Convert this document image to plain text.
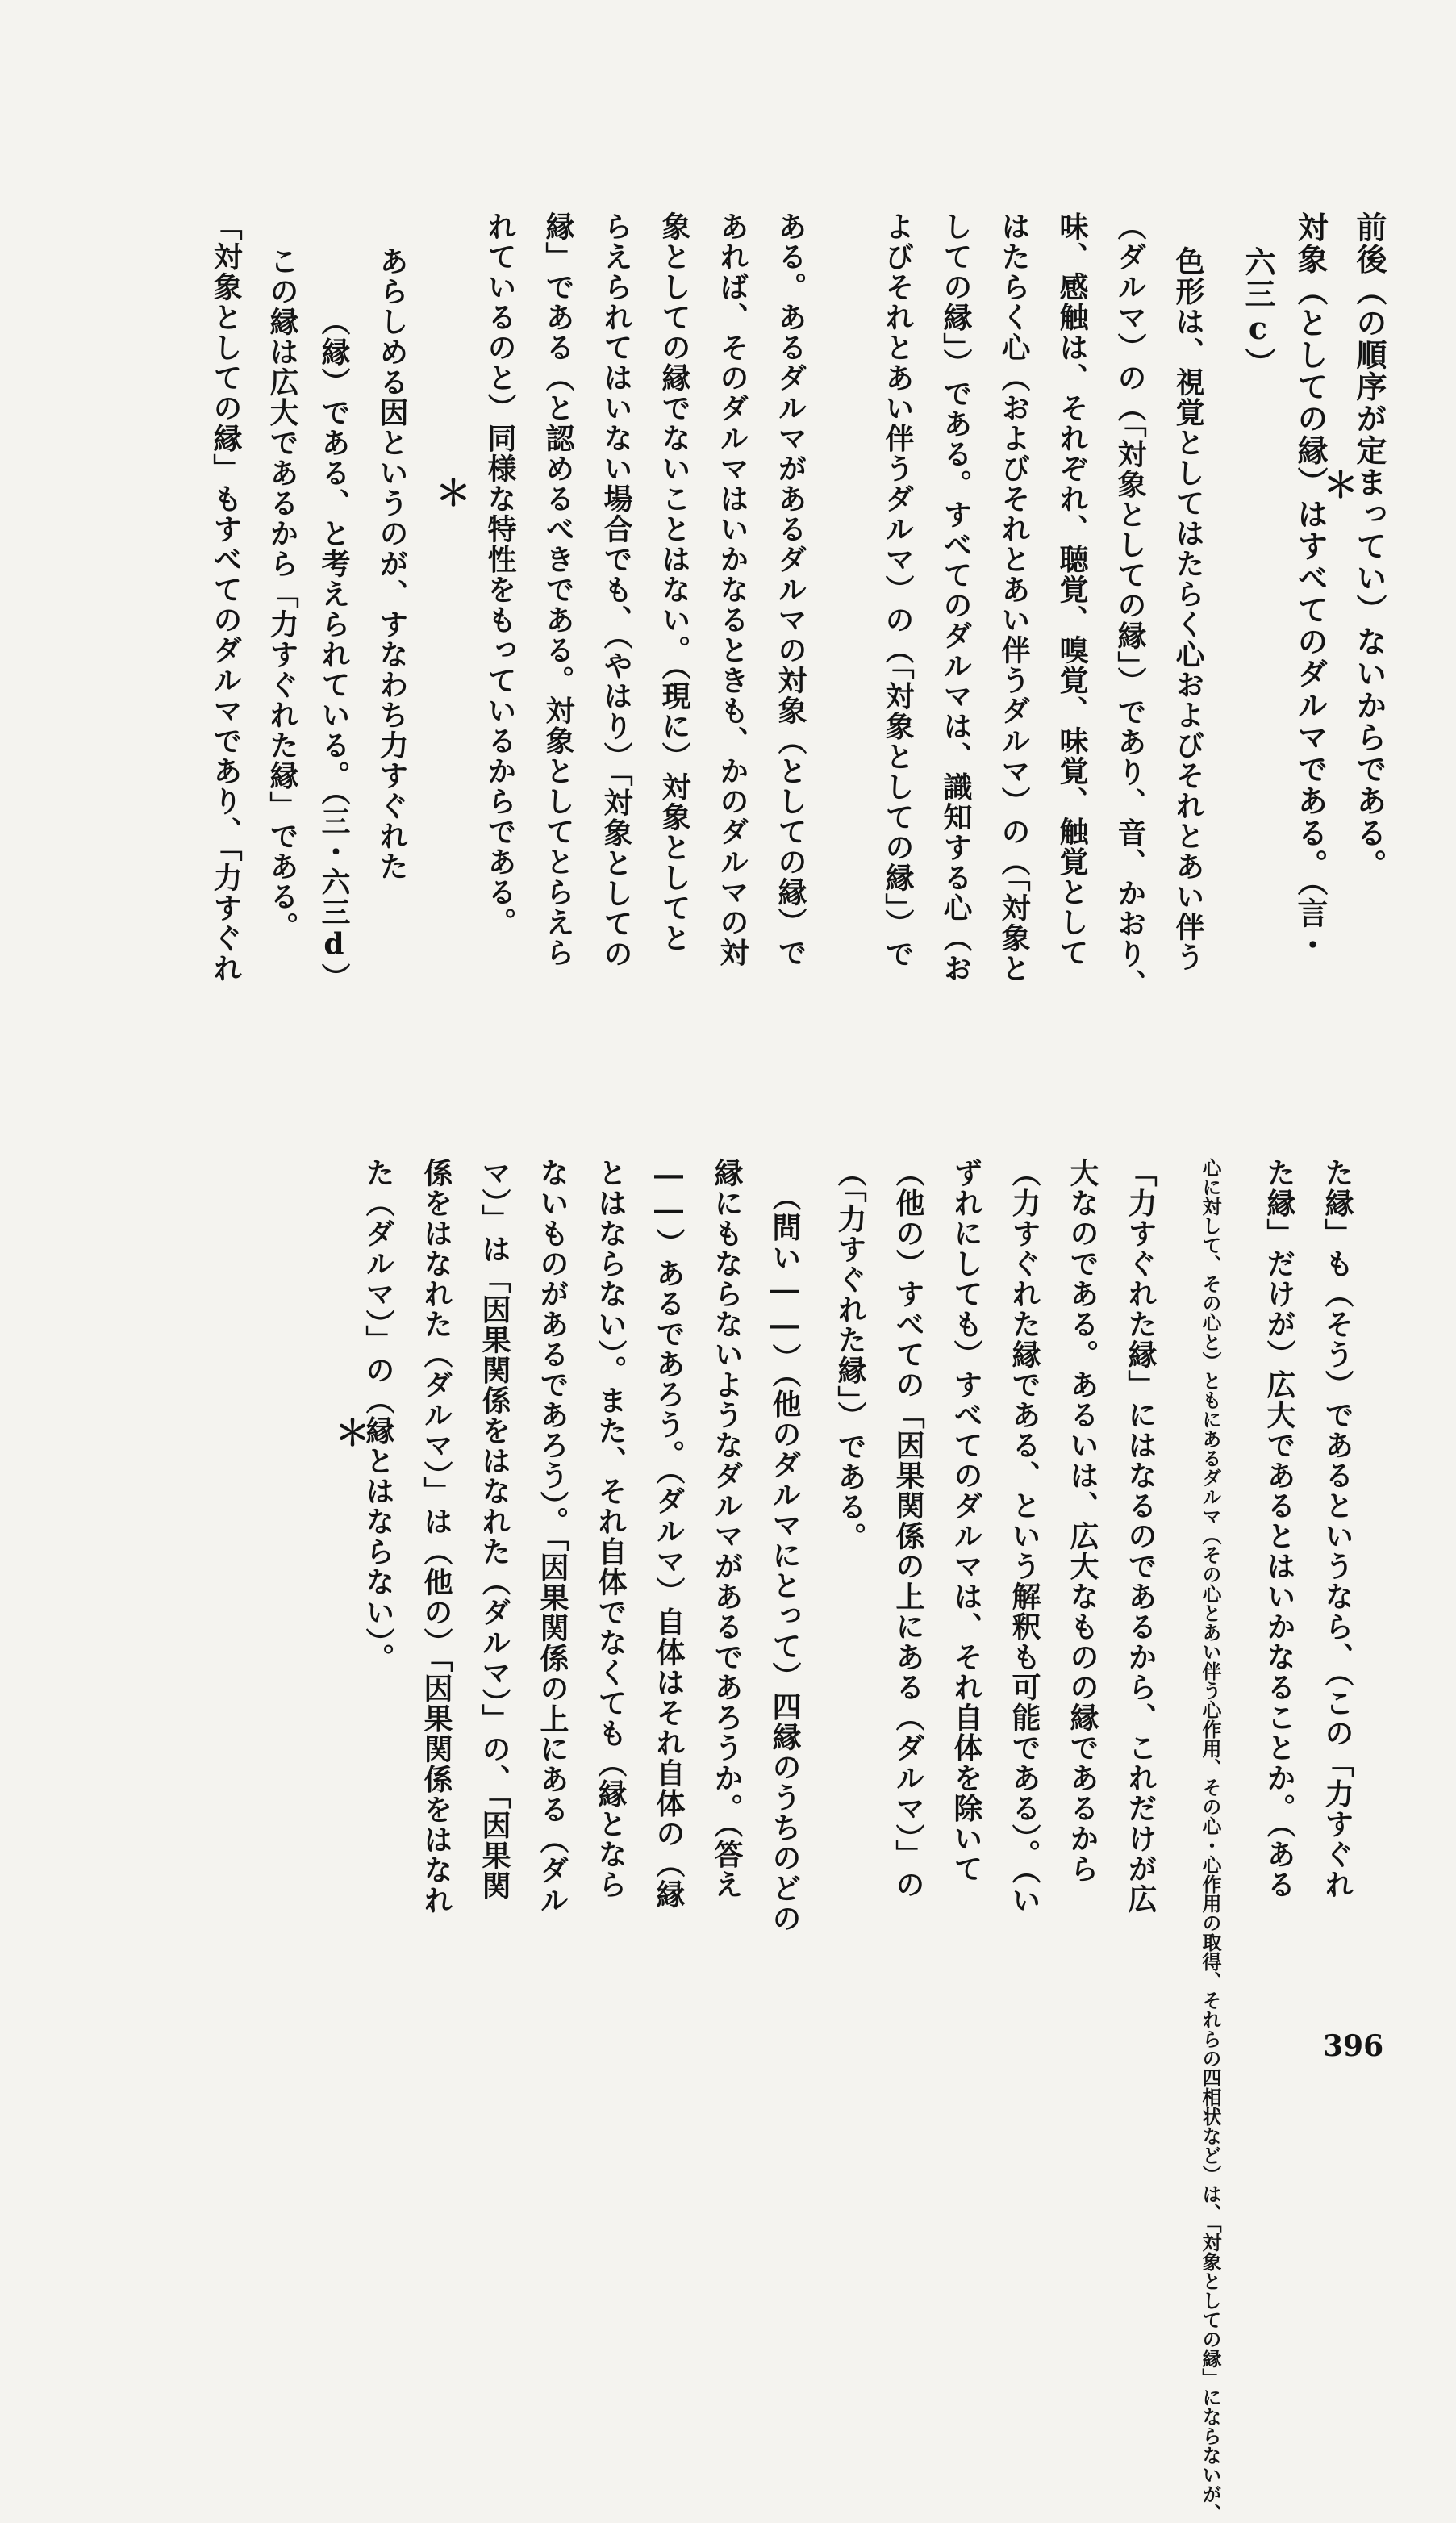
前後（の順序が定まってい）ないからである。
＊
対象（としての縁）はすべてのダルマである。（言・
六三c）
色形は、視覚としてはたらく心およびそれとあい伴う
（ダルマ）の（「対象としての縁」）であり、音、かおり、
味、感触は、それぞれ、聴覚、嗅覚、味覚、触覚として
はたらく心（およびそれとあい伴うダルマ）の（「対象と
しての縁」）である。すべてのダルマは、識知する心（お
よびそれとあい伴うダルマ）の（「対象としての縁」）で
ある。あるダルマがあるダルマの対象（としての縁）で
あれば、そのダルマはいかなるときも、かのダルマの対
象としての縁でないことはない。（現に）対象としてと
らえられてはいない場合でも、（やはり）「対象としての
縁」である（と認めるべきである。対象としてとらえら
れているのと）同様な特性をもっているからである。
＊
あらしめる因というのが、すなわち力すぐれた
（縁）である、と考えられている。（三・六三d）
この縁は広大であるから「力すぐれた縁」である。
「対象としての縁」もすべてのダルマであり、「力すぐれ
た縁」も（そう）であるというなら、（この「力すぐれ
た縁」だけが）広大であるとはいかなることか。（ある
心に対して、その心と）ともにあるダルマ（その心とあい伴う心作用、その心・心作用の取得、それらの四相状など）は、「対象としての縁」にならないが、
「力すぐれた縁」にはなるのであるから、これだけが広
大なのである。あるいは、広大なものの縁であるから
（力すぐれた縁である、という解釈も可能である）。（い
ずれにしても）すべてのダルマは、それ自体を除いて
（他の）すべての「因果関係の上にある（ダルマ）」の
（「力すぐれた縁」）である。
（問い――）（他のダルマにとって）四縁のうちのどの
縁にもならないようなダルマがあるであろうか。（答え
――）あるであろう。（ダルマ）自体はそれ自体の（縁
とはならない）。また、それ自体でなくても（縁となら
ないものがあるであろう）。「因果関係の上にある（ダル
マ）」は「因果関係をはなれた（ダルマ）」の、「因果関
係をはなれた（ダルマ）」は（他の）「因果関係をはなれ
た（ダルマ）」の（縁とはならない）。
＊
396
